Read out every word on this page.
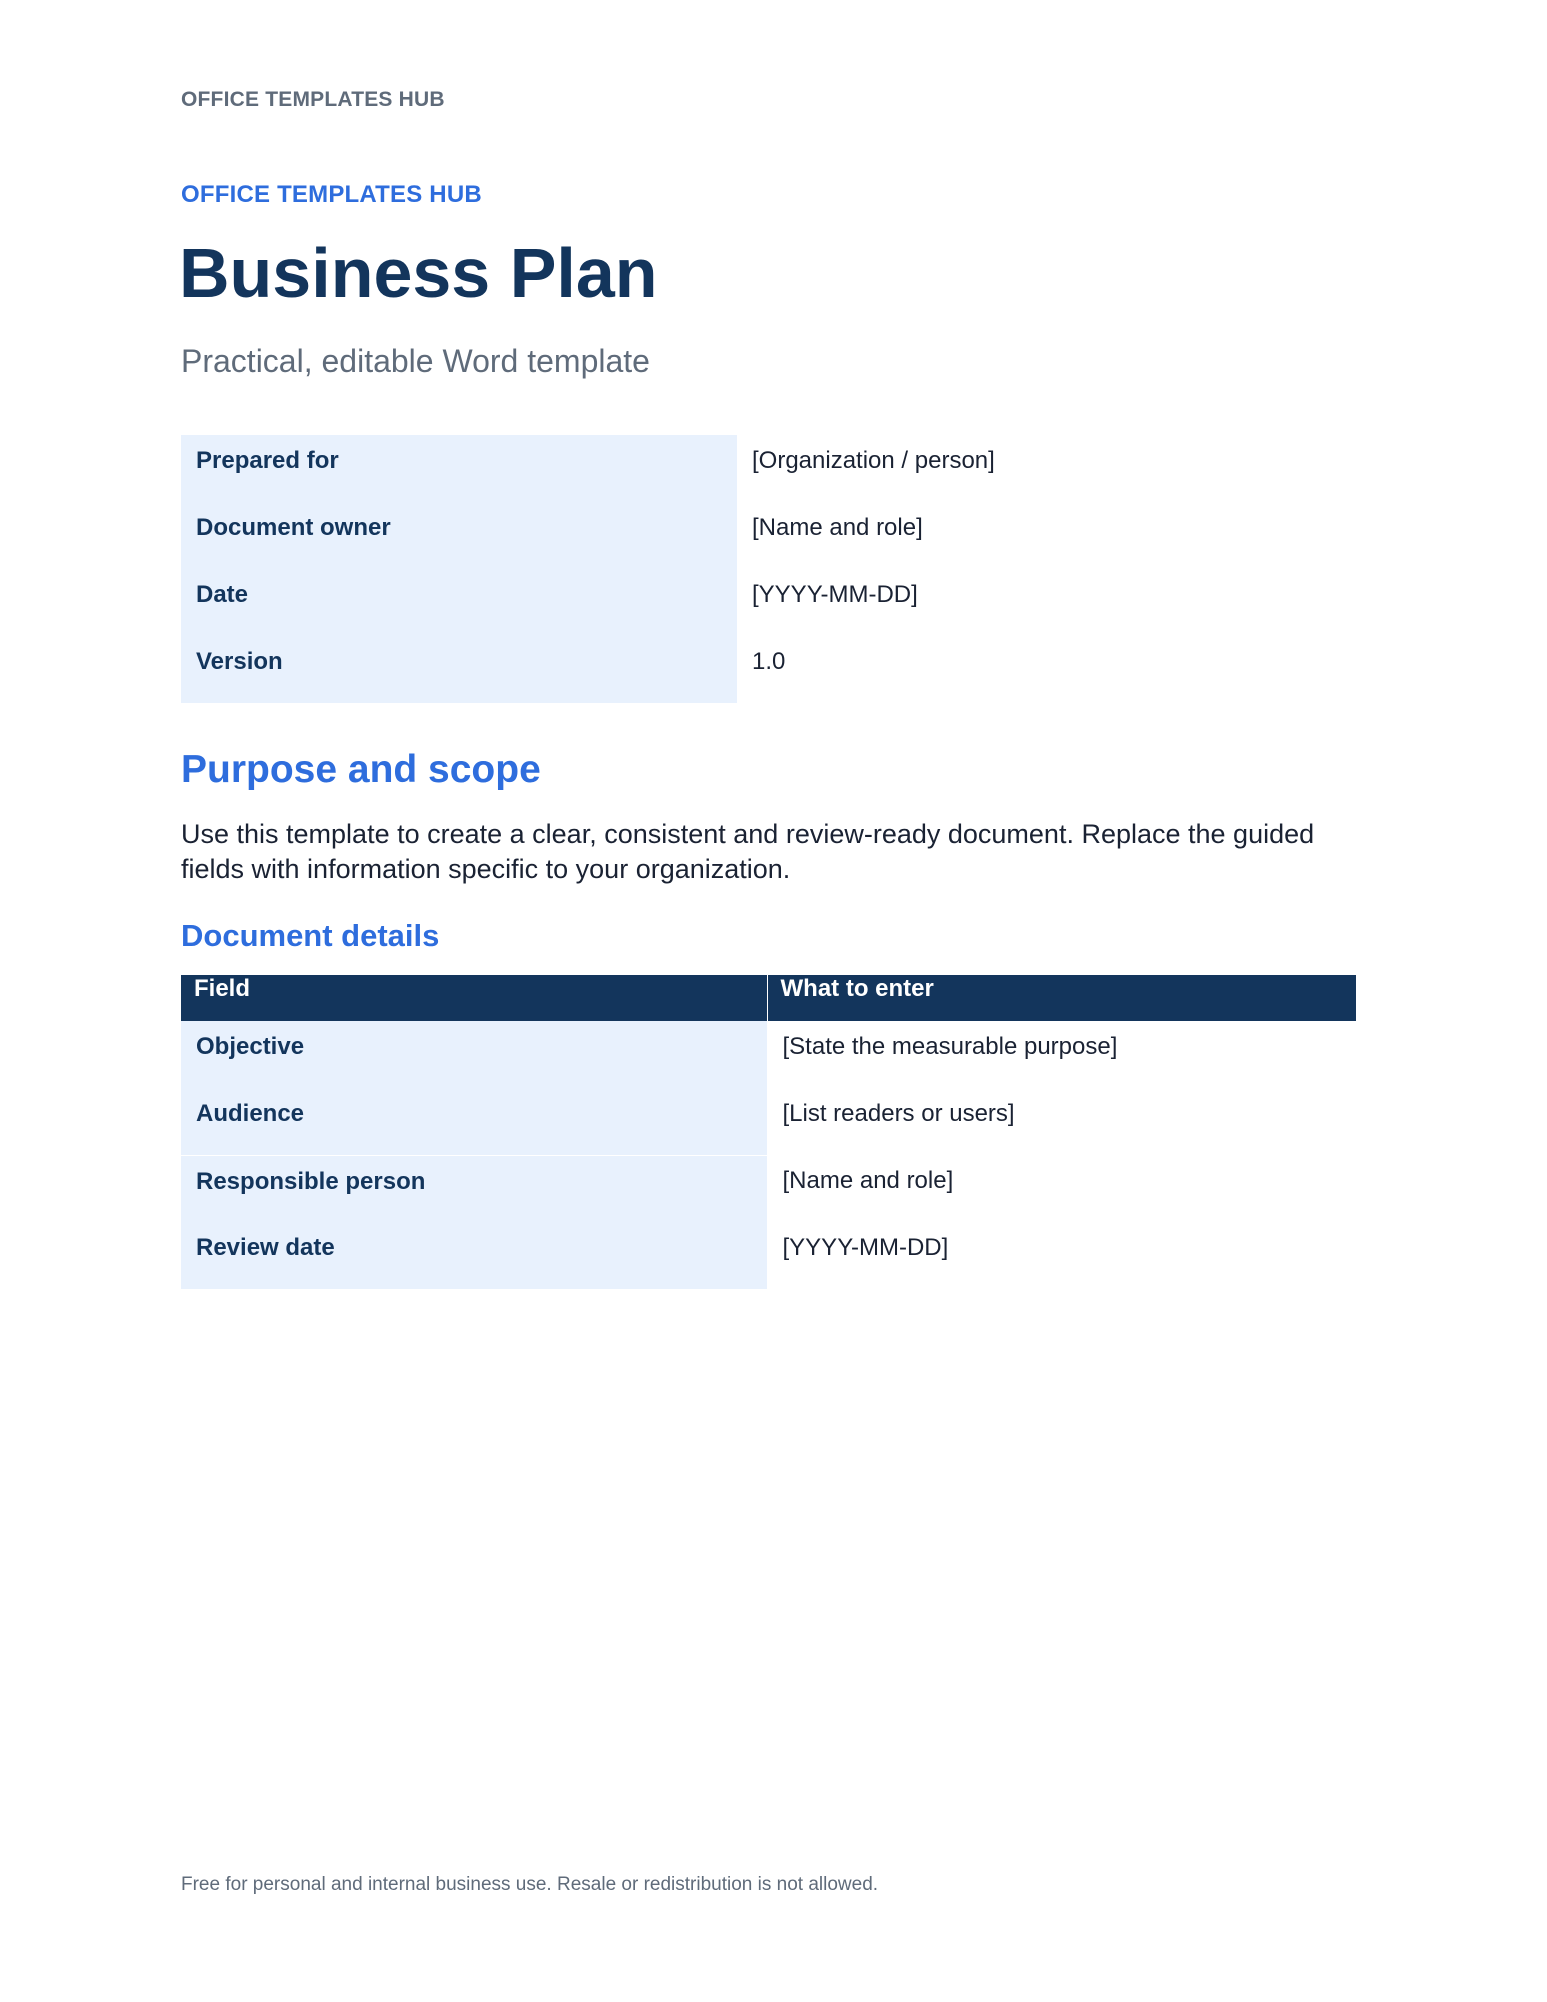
OFFICE TEMPLATES HUB
OFFICE TEMPLATES HUB
Business Plan
Practical, editable Word template
Prepared for	[Organization / person]
Document owner	[Name and role]
Date	[YYYY-MM-DD]
Version	1.0
Purpose and scope
Use this template to create a clear, consistent and review-ready document. Replace the guided fields with information specific to your organization.
Document details
Field	What to enter
Objective	[State the measurable purpose]
Audience	[List readers or users]
Responsible person	[Name and role]
Review date	[YYYY-MM-DD]
Free for personal and internal business use. Resale or redistribution is not allowed.
